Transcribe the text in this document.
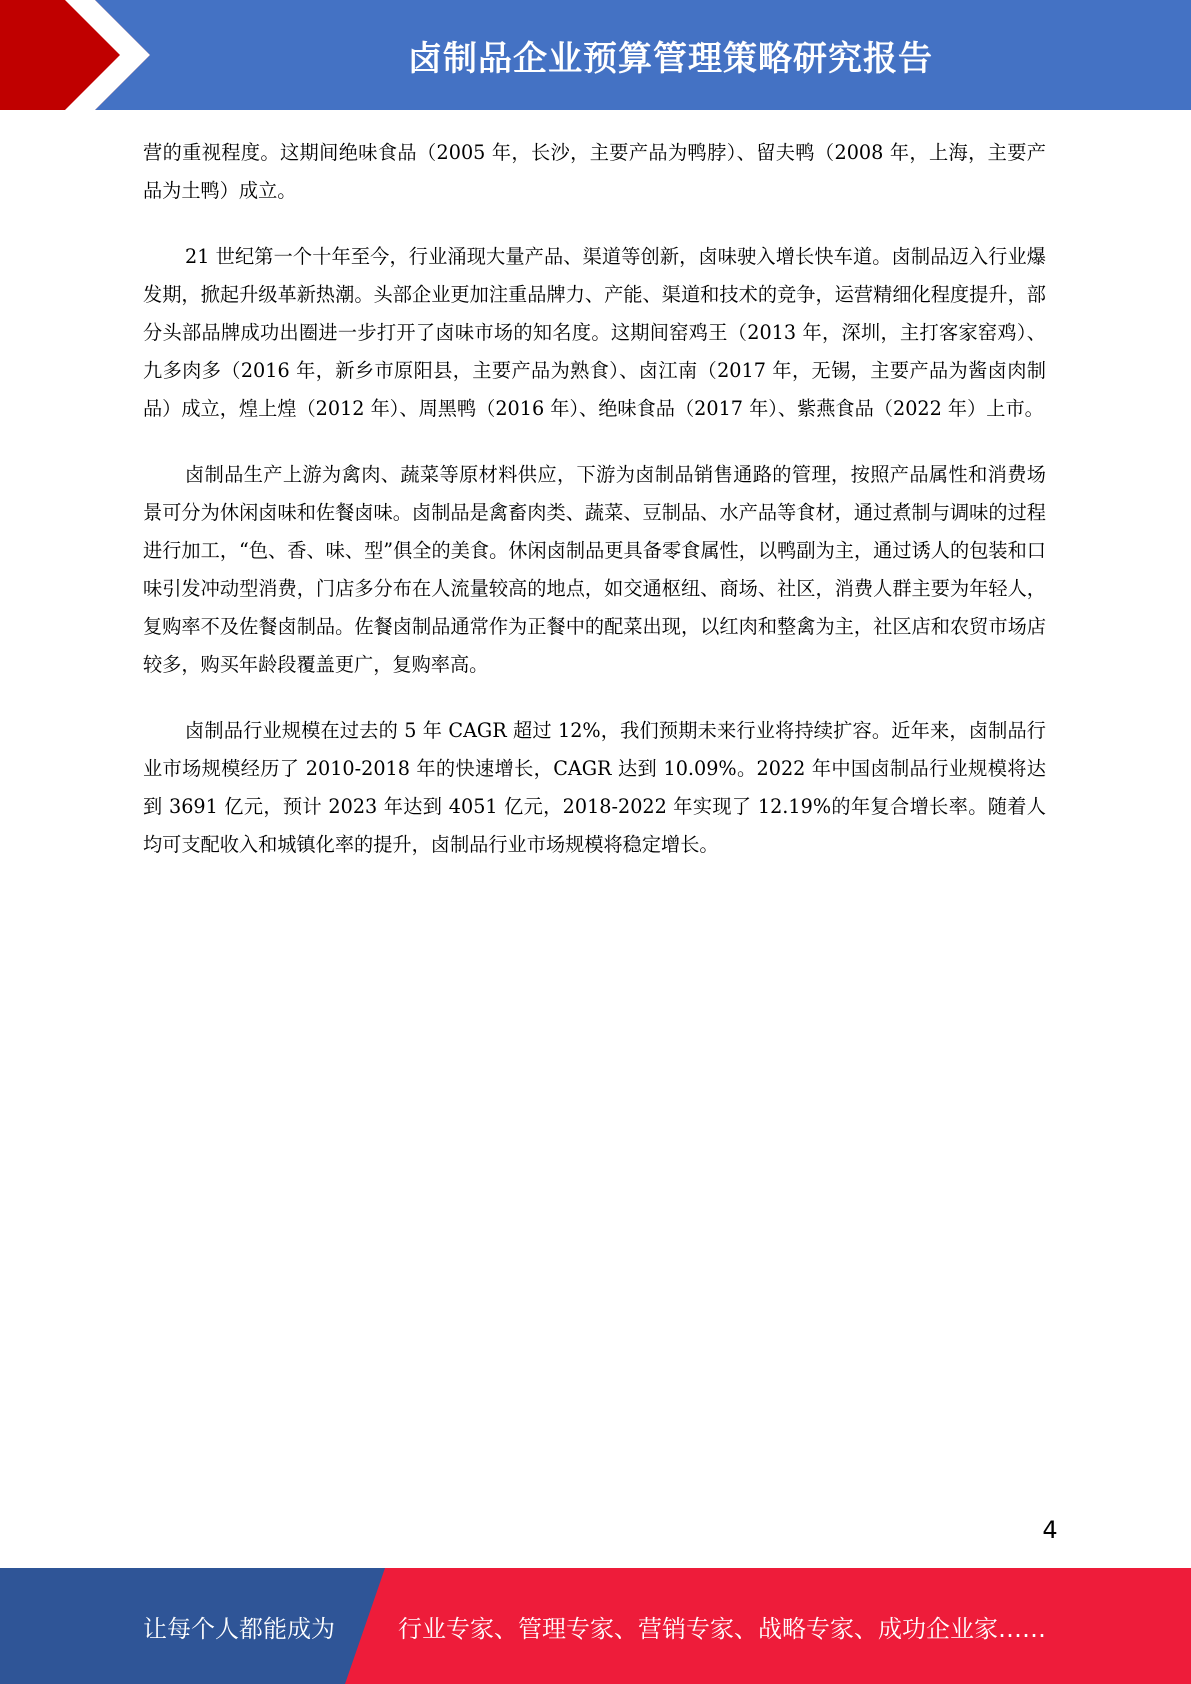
卤制品企业预算管理策略研究报告

营的重视程度。这期间绝味食品（2005 年，长沙，主要产品为鸭脖）、留夫鸭（2008 年，上海，主要产品为土鸭）成立。

21 世纪第一个十年至今，行业涌现大量产品、渠道等创新，卤味驶入增长快车道。卤制品迈入行业爆发期，掀起升级革新热潮。头部企业更加注重品牌力、产能、渠道和技术的竞争，运营精细化程度提升，部分头部品牌成功出圈进一步打开了卤味市场的知名度。这期间窑鸡王（2013 年，深圳，主打客家窑鸡）、九多肉多（2016 年，新乡市原阳县，主要产品为熟食）、卤江南（2017 年，无锡，主要产品为酱卤肉制品）成立，煌上煌（2012 年）、周黑鸭（2016 年）、绝味食品（2017 年）、紫燕食品（2022 年）上市。

卤制品生产上游为禽肉、蔬菜等原材料供应，下游为卤制品销售通路的管理，按照产品属性和消费场景可分为休闲卤味和佐餐卤味。卤制品是禽畜肉类、蔬菜、豆制品、水产品等食材，通过煮制与调味的过程进行加工，“色、香、味、型”俱全的美食。休闲卤制品更具备零食属性，以鸭副为主，通过诱人的包装和口味引发冲动型消费，门店多分布在人流量较高的地点，如交通枢纽、商场、社区，消费人群主要为年轻人，复购率不及佐餐卤制品。佐餐卤制品通常作为正餐中的配菜出现，以红肉和整禽为主，社区店和农贸市场店较多，购买年龄段覆盖更广，复购率高。

卤制品行业规模在过去的 5 年 CAGR 超过 12%，我们预期未来行业将持续扩容。近年来，卤制品行业市场规模经历了 2010-2018 年的快速增长，CAGR 达到 10.09%。2022 年中国卤制品行业规模将达到 3691 亿元，预计 2023 年达到 4051 亿元，2018-2022 年实现了 12.19%的年复合增长率。随着人均可支配收入和城镇化率的提升，卤制品行业市场规模将稳定增长。

4
让每个人都能成为	行业专家、管理专家、营销专家、战略专家、成功企业家……
